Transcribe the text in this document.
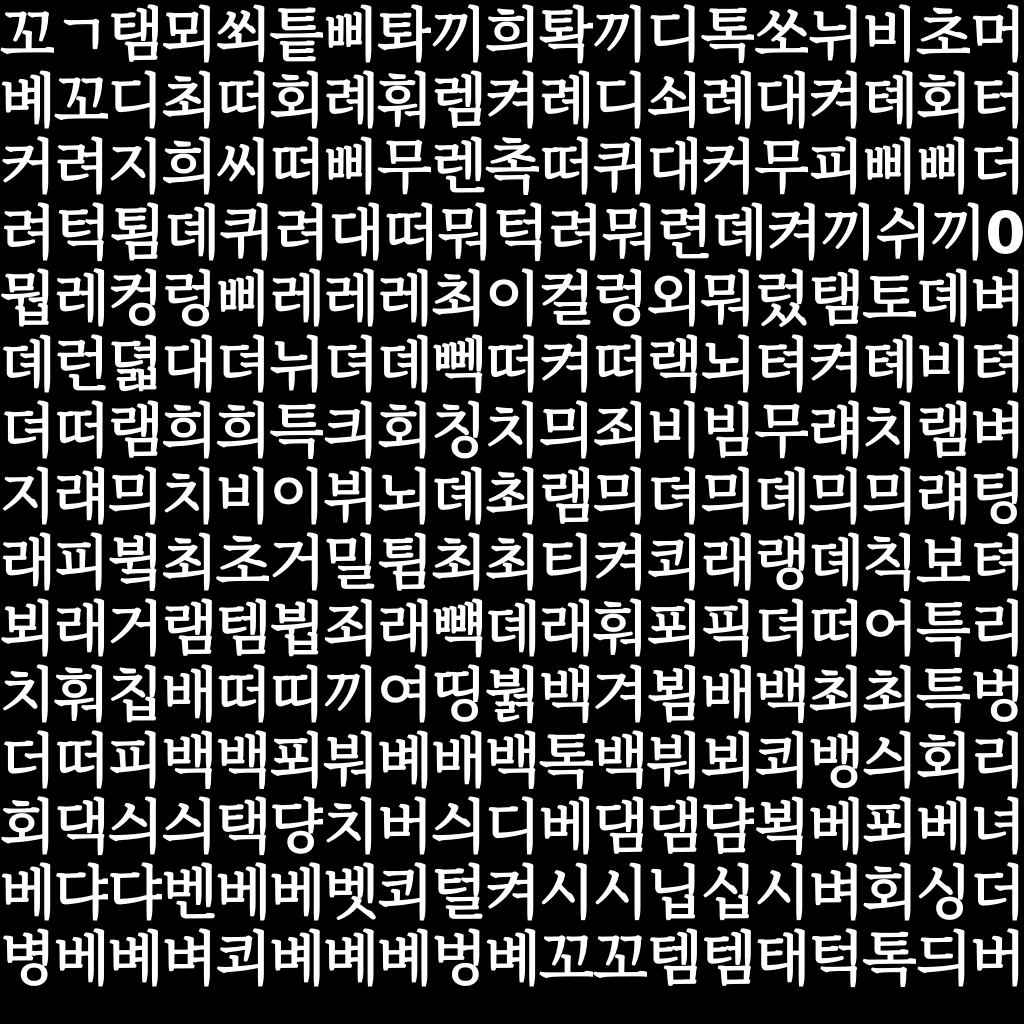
꼬 ㄱ 탬 뫼 쐬 틑 삐 톼 끼 희 톽 끼 디 톡 쏘 뉘 비 초 머
볘 꼬 디 최 떠 회 례 훠 렘 켜 례 디 쇠 례 대 켜 톄 회 터
커 려 지 희 씨 떠 삐 무 렌 촉 떠 퀴 대 커 무 피 삐 삐 더
려 턱 툄 뎨 퀴 려 대 떠 뭐 턱 려 뭐 련 뎨 켜 끼 쉬 끼 0
뭡 레 컹 렁 삐 레 레 레 최 이 컬 렁 외 뭐 렀 탬 토 뎨 벼
뎨 런 뎗 대 뎌 뉘 뎌 뎨 뻭 떠 켜 떠 랙 뇌 텨 켜 톄 비 텨
뎌 떠 램 희 희 특 킈 회 칭 치 믜 죄 비 빔 무 럐 치 램 벼
지 럐 믜 치 비 이 뷔 뇌 뎨 최 램 믜 뎌 믜 뎨 믜 믜 럐 팅
래 피 뷬 최 초 거 밀 튐 최 최 티 켜 쾨 래 랭 뎨 칙 보 텨
뵈 래 거 램 템 뷥 죄 래 뺵 뎨 래 훠 푀 픽 뎌 떠 어 특 리
치 훠 칩 배 떠 띠 끼 여 띵 붥 백 겨 뵘 배 백 최 최 특 벙
더 떠 피 백 백 푀 붜 볘 배 백 톡 백 붜 뵈 쾨 뱅 싀 회 리
회 댁 싀 싀 택 댱 치 버 싀 디 베 댐 댐 댬 뵉 베 푀 베 녀
베 댜 댜 벤 베 베 벳 쾨 털 켜 시 시 닙 십 시 벼 회 싱 더
병 베 볘 벼 쾨 볘 볘 볘 벙 볘 꼬 꼬 템 템 태 턱 톡 듸 버
